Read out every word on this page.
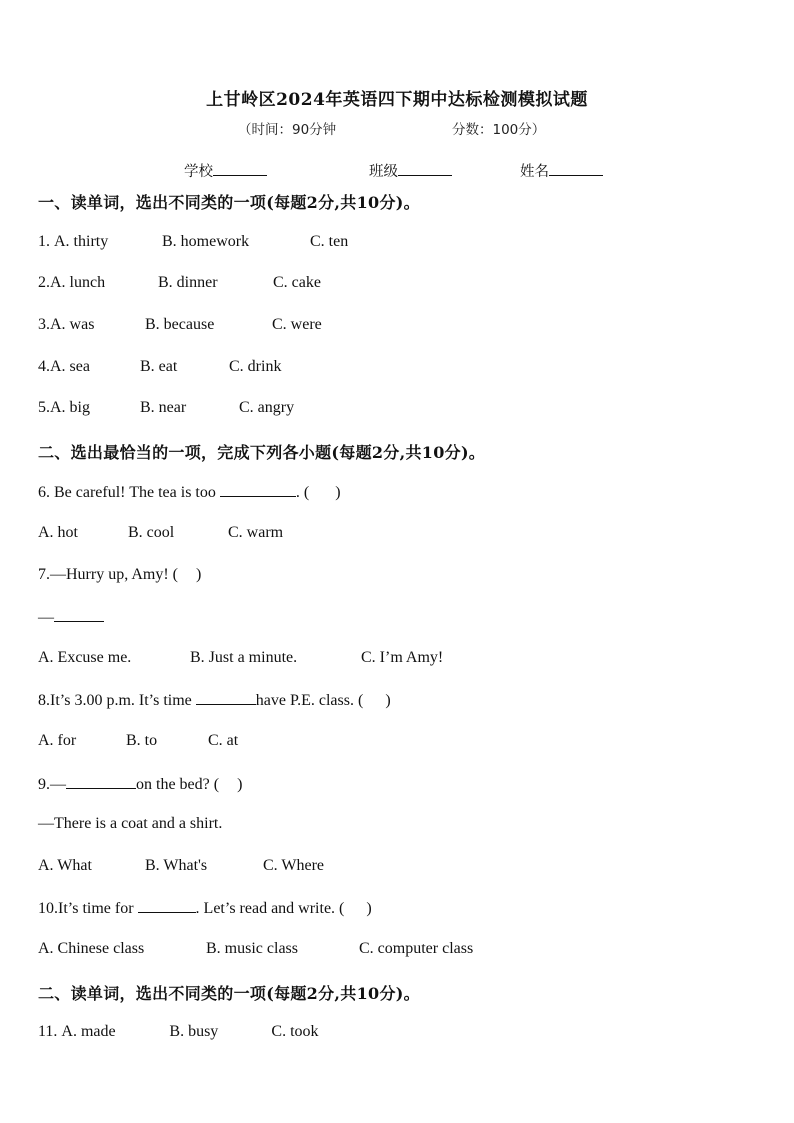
上甘岭区2024年英语四下期中达标检测模拟试题
（时间：90分钟	分数：100分）
学校	班级	姓名
一、读单词，选出不同类的一项(每题2分,共10分)。
1. A. thirty	B. homework	C. ten
2.A. lunch	B. dinner	C. cake
3.A. was	B. because	C. were
4.A. sea	B. eat	C. drink
5.A. big	B. near	C. angry
二、选出最恰当的一项，完成下列各小题(每题2分,共10分)。
6. Be careful! The tea is too	. ( )
A. hot	B. cool	C. warm
7.—Hurry up, Amy! ( )
—
A. Excuse me.	B. Just a minute.	C. I’m Amy!
8.It’s 3.00 p.m. It’s time	have P.E. class. ( )
A. for	B. to	C. at
9.—	on the bed? ( )
—There is a coat and a shirt.
A. What	B. What's	C. Where
10.It’s time for	. Let’s read and write. ( )
A. Chinese class	B. music class	C. computer class
二、读单词，选出不同类的一项(每题2分,共10分)。
11. A. made	B. busy	C. took
